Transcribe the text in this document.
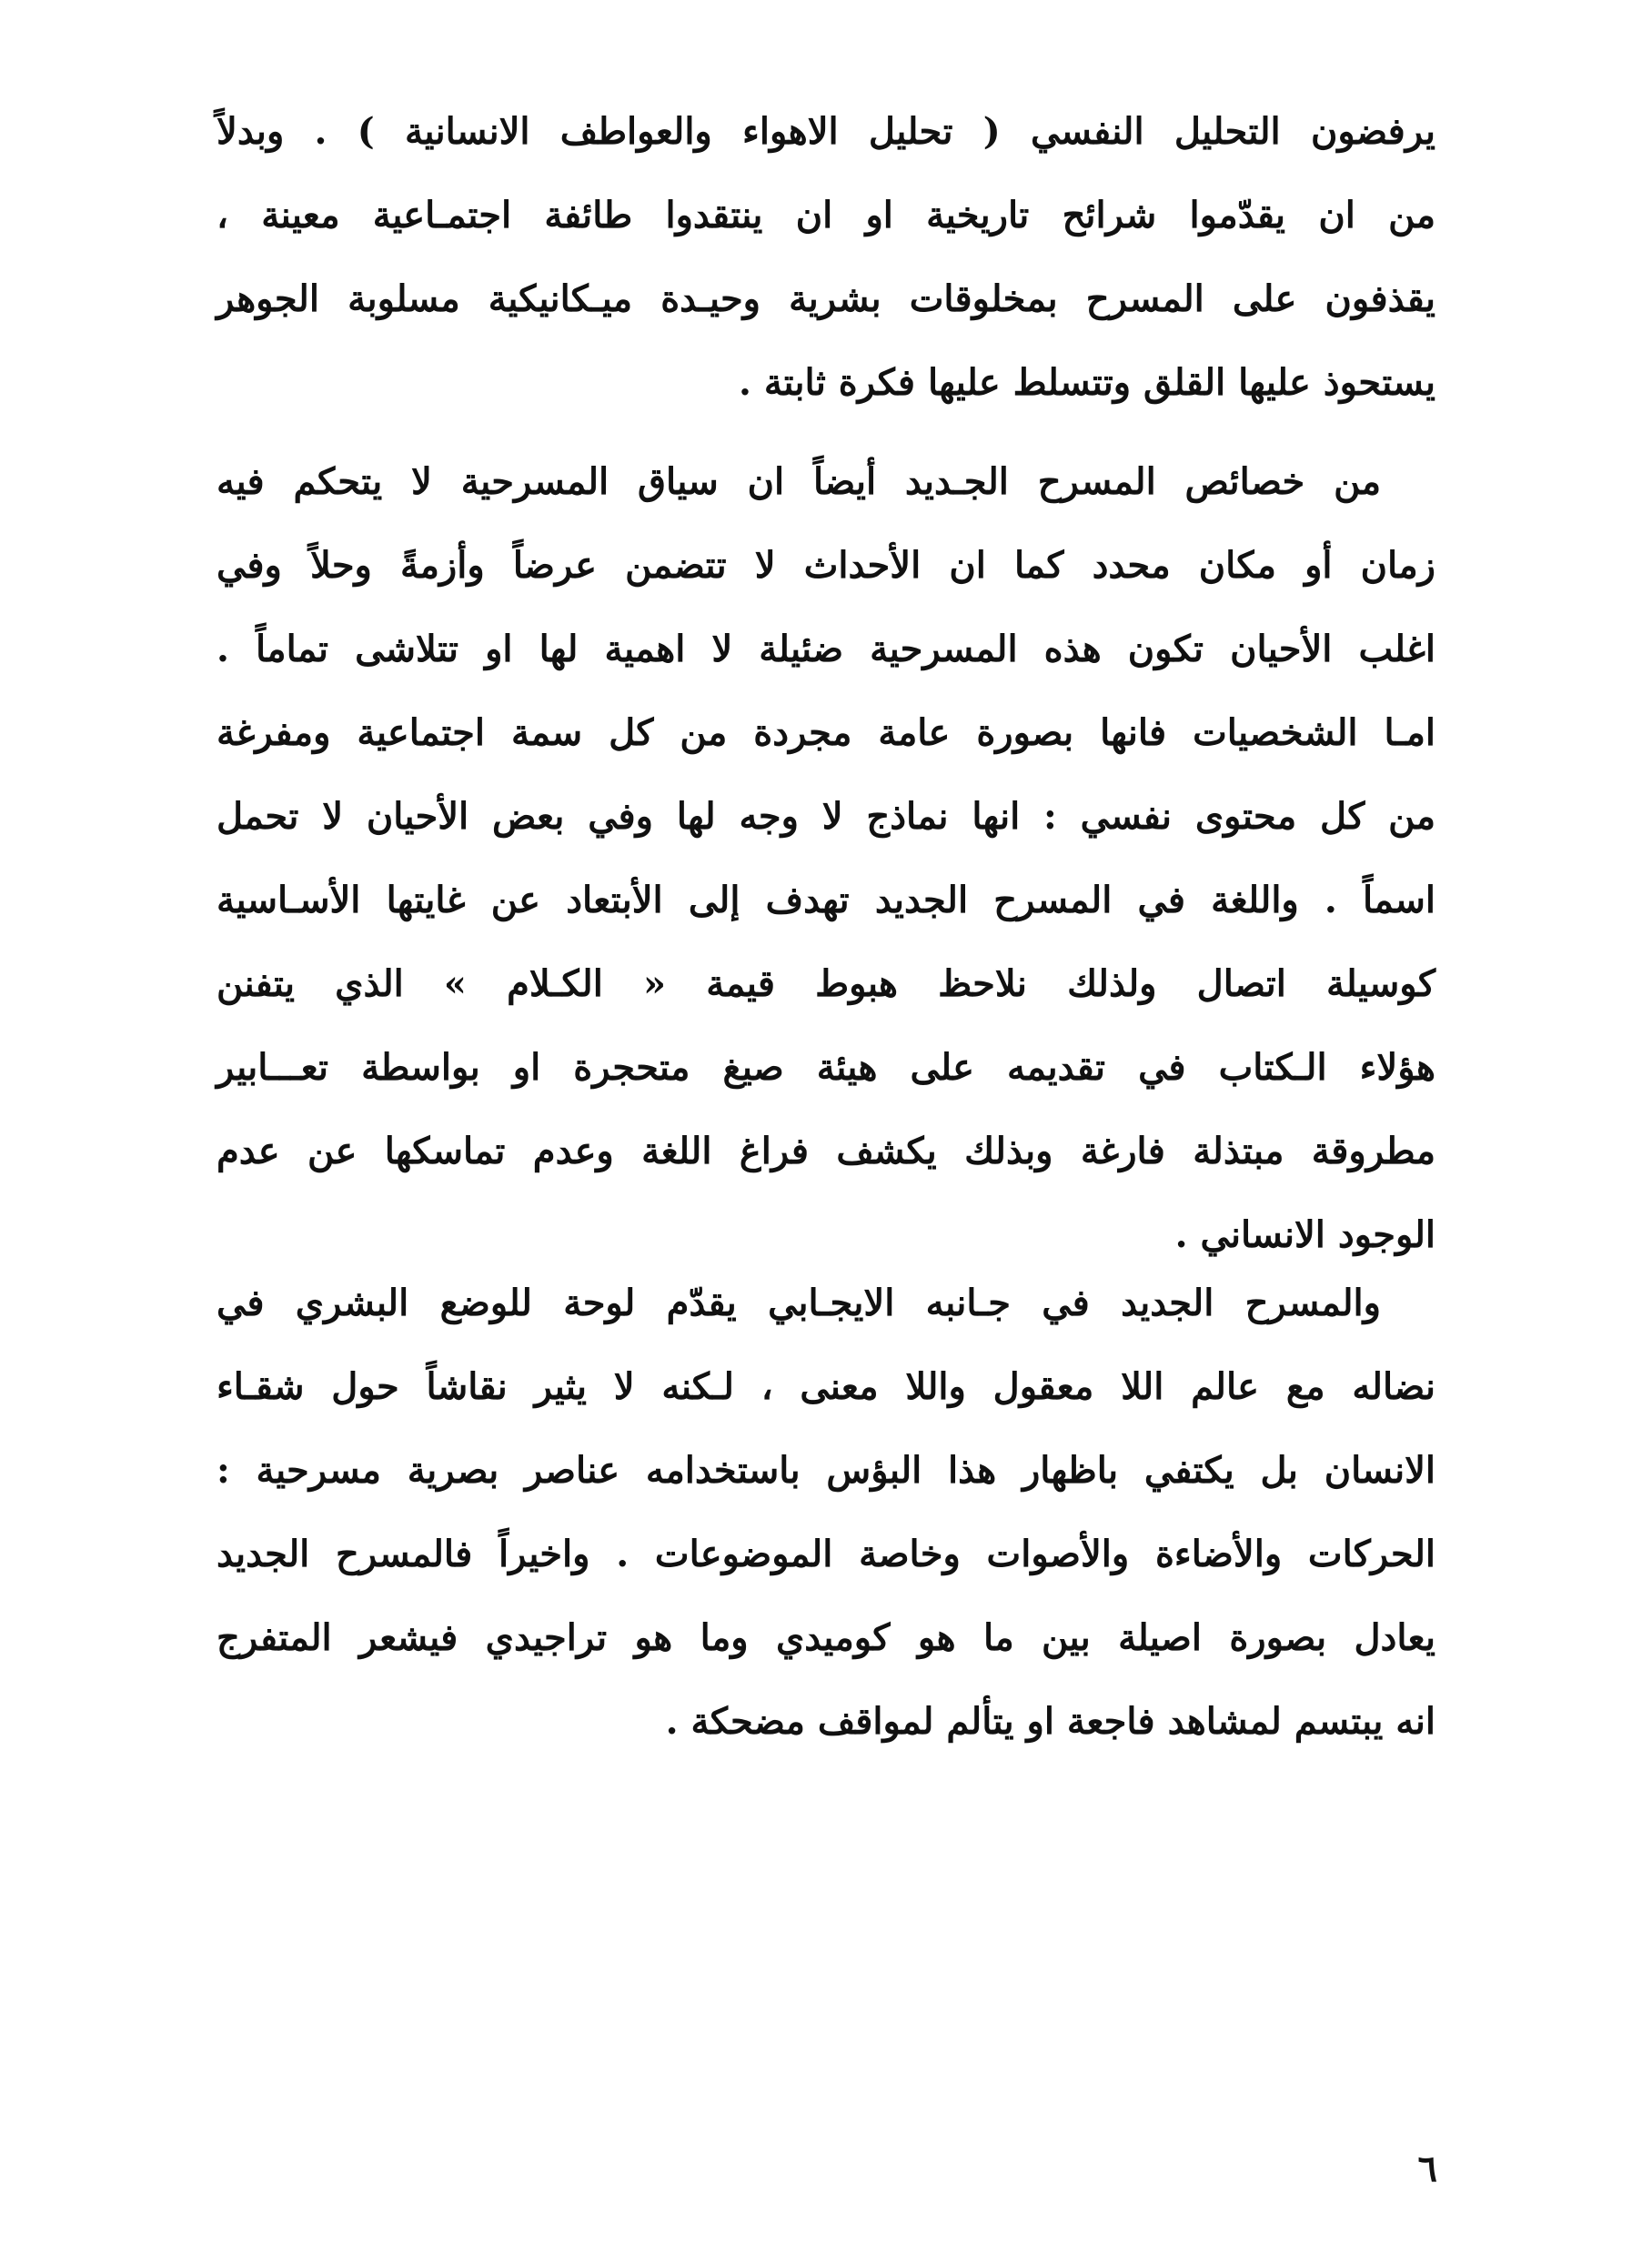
يرفضون التحليل النفسي ( تحليل الاهواء والعواطف الانسانية ) . وبدلاً

من ان يقدّموا شرائح تاريخية او ان ينتقدوا طائفة اجتمـاعية معينة ،

يقذفون على المسرح بمخلوقات بشرية وحيـدة ميـكانيكية مسلوبة الجوهر

يستحوذ عليها القلق وتتسلط عليها فكرة ثابتة .

من خصائص المسرح الجـديد أيضاً ان سياق المسرحية لا يتحكم فيه

زمان أو مكان محدد كما ان الأحداث لا تتضمن عرضاً وأزمةً وحلاً وفي

اغلب الأحيان تكون هذه المسرحية ضئيلة لا اهمية لها او تتلاشى تماماً .

امـا الشخصيات فانها بصورة عامة مجردة من كل سمة اجتماعية ومفرغة

من كل محتوى نفسي : انها نماذج لا وجه لها وفي بعض الأحيان لا تحمل

اسماً . واللغة في المسرح الجديد تهدف إلى الأبتعاد عن غايتها الأسـاسية

كوسيلة اتصال ولذلك نلاحظ هبوط قيمة « الكـلام » الذي يتفنن

هؤلاء الـكتاب في تقديمه على هيئة صيغ متحجرة او بواسطة تعـــابير

مطروقة مبتذلة فارغة وبذلك يكشف فراغ اللغة وعدم تماسكها عن عدم

الوجود الانساني .

والمسرح الجديد في جـانبه الايجـابي يقدّم لوحة للوضع البشري في

نضاله مع عالم اللا معقول واللا معنى ، لـكنه لا يثير نقاشاً حول شقـاء

الانسان بل يكتفي باظهار هذا البؤس باستخدامه عناصر بصرية مسرحية :

الحركات والأضاءة والأصوات وخاصة الموضوعات . واخيراً فالمسرح الجديد

يعادل بصورة اصيلة بين ما هو كوميدي وما هو تراجيدي فيشعر المتفرج

انه يبتسم لمشاهد فاجعة او يتألم لمواقف مضحكة .

٦
